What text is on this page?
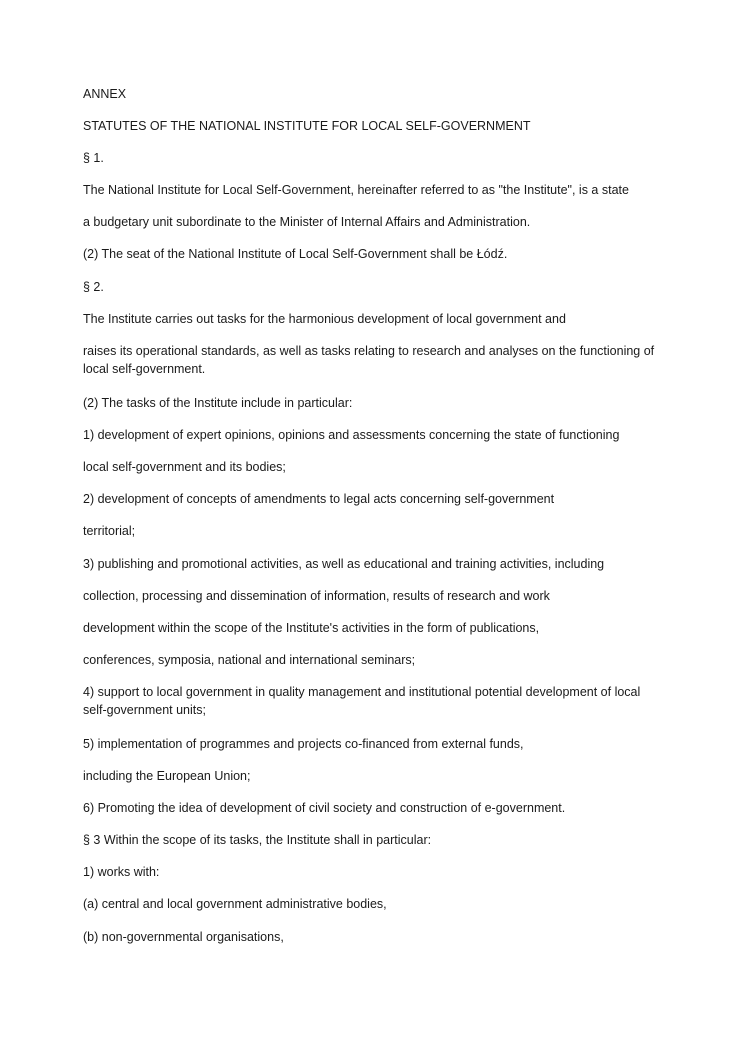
ANNEX
STATUTES OF THE NATIONAL INSTITUTE FOR LOCAL SELF-GOVERNMENT
§ 1.
The National Institute for Local Self-Government, hereinafter referred to as "the Institute", is a state
a budgetary unit subordinate to the Minister of Internal Affairs and Administration.
(2) The seat of the National Institute of Local Self-Government shall be Łódź.
§ 2.
The Institute carries out tasks for the harmonious development of local government and
raises its operational standards, as well as tasks relating to research and analyses on the functioning of local self-government.
(2) The tasks of the Institute include in particular:
1) development of expert opinions, opinions and assessments concerning the state of functioning
local self-government and its bodies;
2) development of concepts of amendments to legal acts concerning self-government
territorial;
3) publishing and promotional activities, as well as educational and training activities, including
collection, processing and dissemination of information, results of research and work
development within the scope of the Institute's activities in the form of publications,
conferences, symposia, national and international seminars;
4) support to local government in quality management and institutional potential development of local self-government units;
5) implementation of programmes and projects co-financed from external funds,
including the European Union;
6) Promoting the idea of development of civil society and construction of e-government.
§ 3 Within the scope of its tasks, the Institute shall in particular:
1) works with:
(a) central and local government administrative bodies,
(b) non-governmental organisations,
